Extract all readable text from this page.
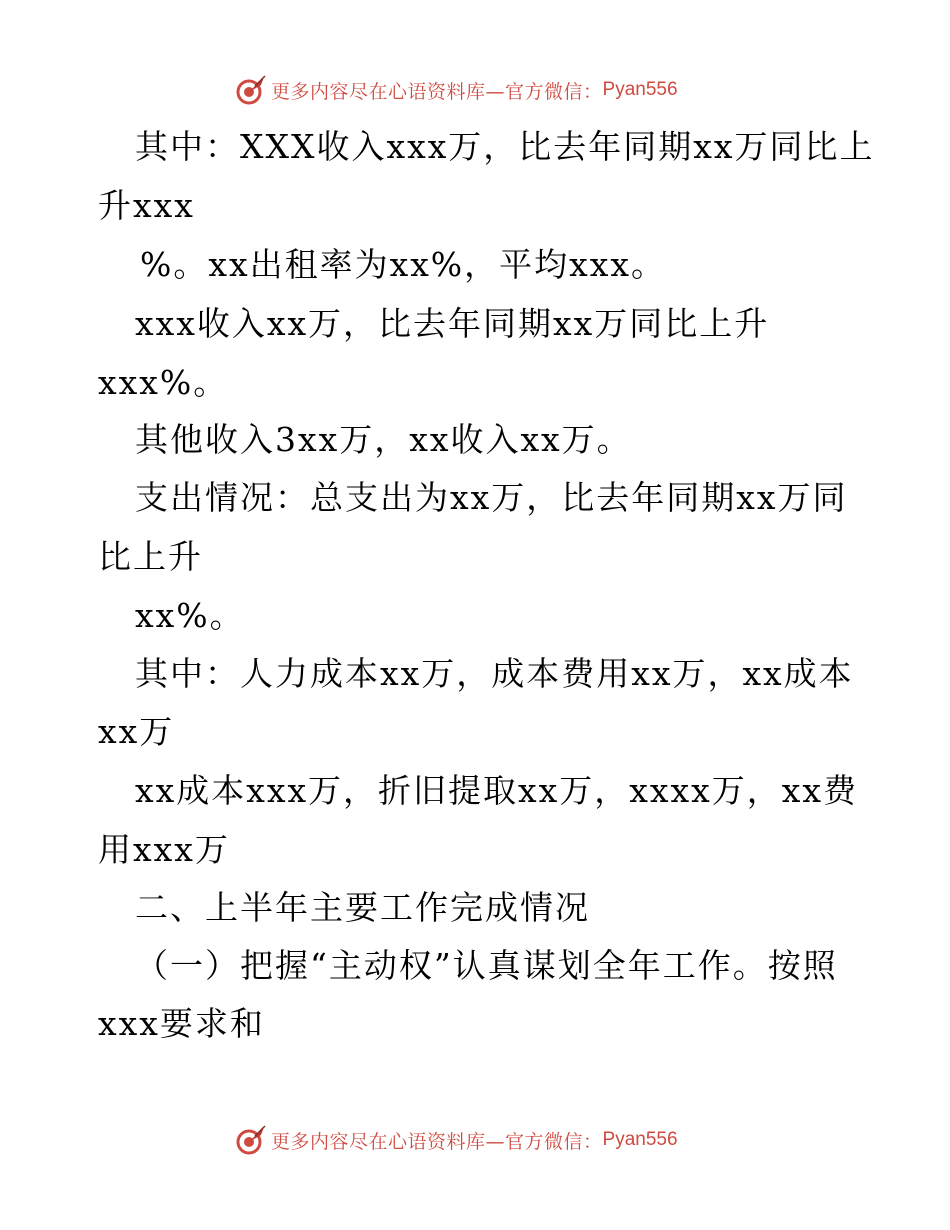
更多内容尽在心语资料库—官方微信： Pyan556
其中：XXX收入xxx万，比去年同期xx万同比上
升xxx
%。xx出租率为xx%，平均xxx。
xxx收入xx万，比去年同期xx万同比上升
xxx%。
其他收入3xx万，xx收入xx万。
支出情况：总支出为xx万，比去年同期xx万同
比上升
xx%。
其中：人力成本xx万，成本费用xx万，xx成本
xx万
xx成本xxx万，折旧提取xx万，xxxx万，xx费
用xxx万
二、上半年主要工作完成情况
（一）把握“主动权”认真谋划全年工作。按照
xxx要求和
更多内容尽在心语资料库—官方微信： Pyan556
